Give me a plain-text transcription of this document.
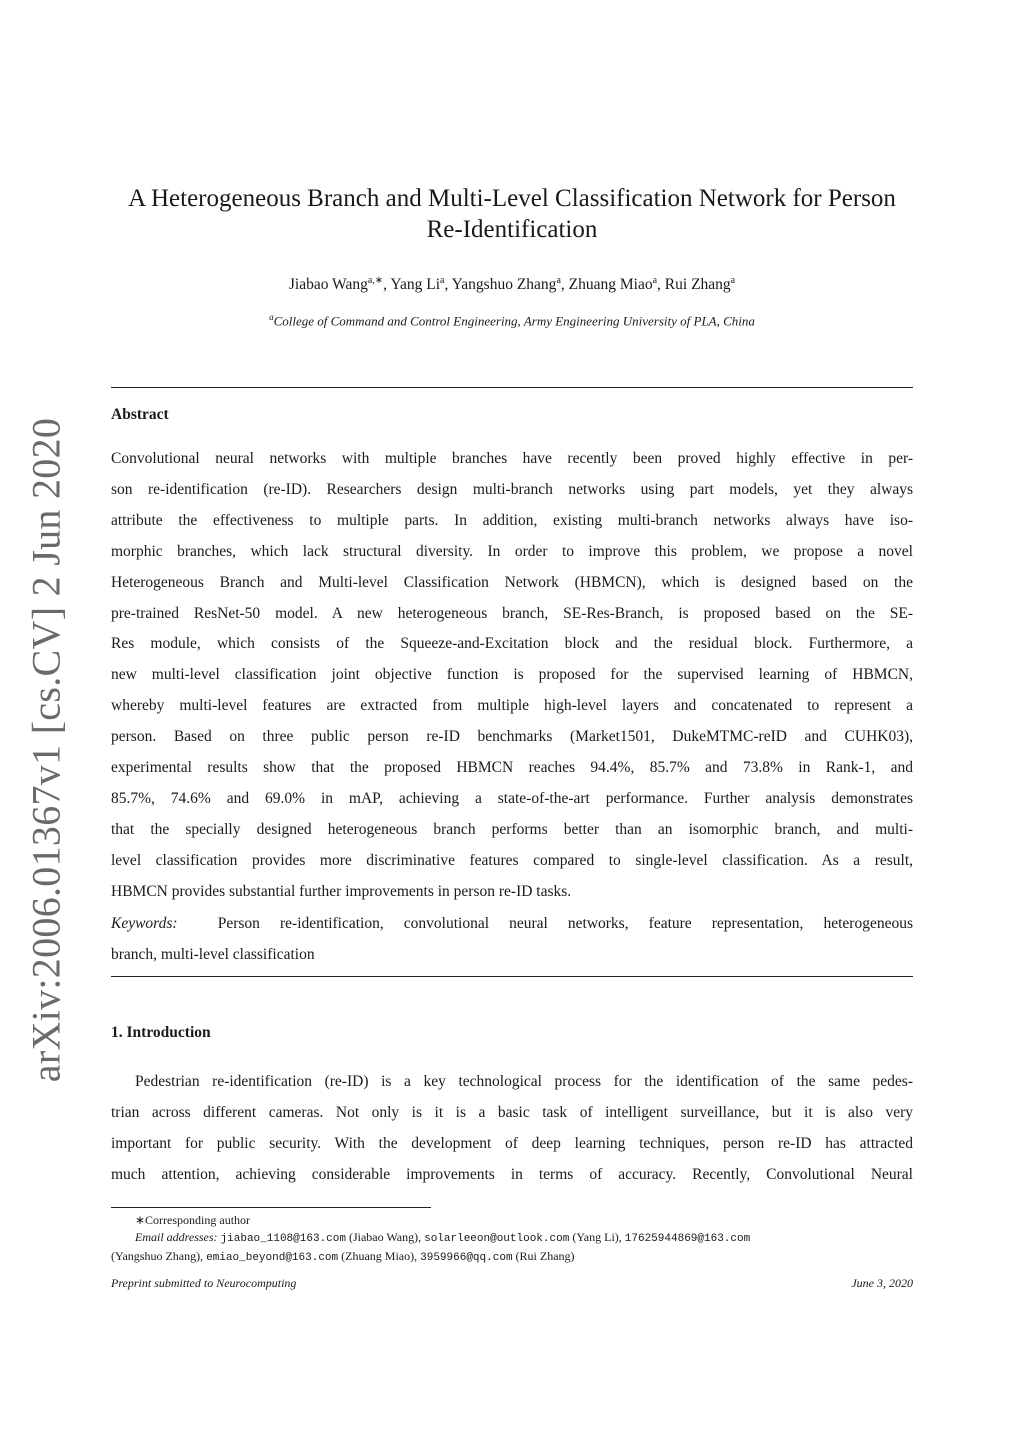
arXiv:2006.01367v1 [cs.CV] 2 Jun 2020
A Heterogeneous Branch and Multi-Level Classification Network for Person
Re-Identification
Jiabao Wang$^{a,∗}$, Yang Li$^a$, Yangshuo Zhang$^a$, Zhuang Miao$^a$, Rui Zhang$^a$
$^a$College of Command and Control Engineering, Army Engineering University of PLA, China
Abstract
Convolutional neural networks with multiple branches have recently been proved highly effective in per-
son re-identification (re-ID). Researchers design multi-branch networks using part models, yet they always
attribute the effectiveness to multiple parts. In addition, existing multi-branch networks always have iso-
morphic branches, which lack structural diversity. In order to improve this problem, we propose a novel
Heterogeneous Branch and Multi-level Classification Network (HBMCN), which is designed based on the
pre-trained ResNet-50 model. A new heterogeneous branch, SE-Res-Branch, is proposed based on the SE-
Res module, which consists of the Squeeze-and-Excitation block and the residual block. Furthermore, a
new multi-level classification joint objective function is proposed for the supervised learning of HBMCN,
whereby multi-level features are extracted from multiple high-level layers and concatenated to represent a
person. Based on three public person re-ID benchmarks (Market1501, DukeMTMC-reID and CUHK03),
experimental results show that the proposed HBMCN reaches 94.4%, 85.7% and 73.8% in Rank-1, and
85.7%, 74.6% and 69.0% in mAP, achieving a state-of-the-art performance. Further analysis demonstrates
that the specially designed heterogeneous branch performs better than an isomorphic branch, and multi-
level classification provides more discriminative features compared to single-level classification. As a result,
HBMCN provides substantial further improvements in person re-ID tasks.
Keywords:	Person re-identification, convolutional neural networks, feature representation, heterogeneous
branch, multi-level classification
1. Introduction
Pedestrian re-identification (re-ID) is a key technological process for the identification of the same pedes-
trian across different cameras. Not only is it is a basic task of intelligent surveillance, but it is also very
important for public security. With the development of deep learning techniques, person re-ID has attracted
much attention, achieving considerable improvements in terms of accuracy. Recently, Convolutional Neural
∗Corresponding author
Email addresses: jiabao_1108@163.com (Jiabao Wang), solarleeon@outlook.com (Yang Li), 17625944869@163.com
(Yangshuo Zhang), emiao_beyond@163.com (Zhuang Miao), 3959966@qq.com (Rui Zhang)
Preprint submitted to Neurocomputing	June 3, 2020
